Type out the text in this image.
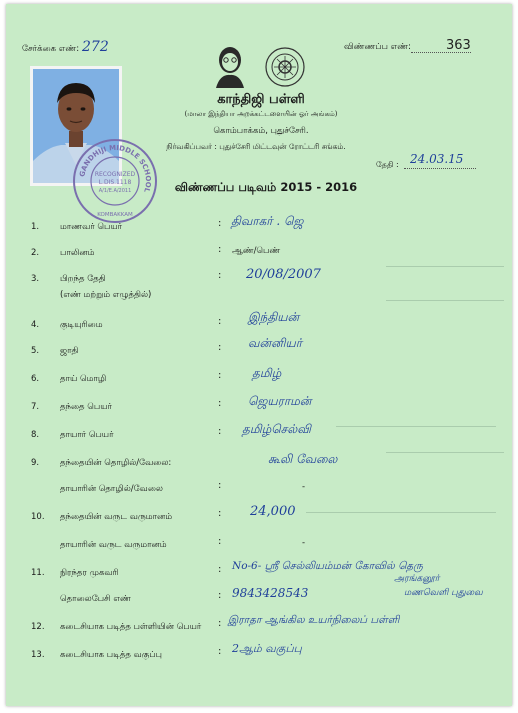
சேர்க்கை எண்: 272	விண்ணப்ப எண்:	363
காந்திஜி பள்ளி
(மாலா இந்தியா அறக்கட்டளையின் ஓர் அங்கம்)
கொம்பாக்கம், புதுச்சேரி.
நிர்வகிப்பவர் : புதுச்சேரி மிட்டவுன் ரோட்டரி சங்கம்.
தேதி : 24.03.15
விண்ணப்ப படிவம் 2015 - 2016
GANDHIJI MIDDLE SCHOOL
RECOGNIZED
L.DIS.1118
A/1/E.A/2011
KOMBAKKAM
1. மாணவர் பெயர்	: திவாகர் . ஜெ
2. பாலினம்	: ஆண்/பெண்
3. பிறந்த தேதி
(எண் மற்றும் எழுத்தில்)
: 20/08/2007
4. குடியுரிமை	: இந்தியன்
5. ஜாதி	: வன்னியர்
6. தாய் மொழி	:	தமிழ்
7. தந்தை பெயர்	: ஜெயராமன்
8. தாயார் பெயர்	: தமிழ்செல்வி
9. தந்தையின் தொழில்/வேலை:	கூலி வேலை
தாயாரின் தொழில்/வேலை	:	-
10. தந்தையின் வருட வருமானம்	: 24,000
தாயாரின் வருட வருமானம்	:	-
11. நிரந்தர முகவரி	: No-6- ஸ்ரீ செல்லியம்மன் கோவில் தெரு
அரங்கனூர்
தொலைபேசி எண்	: 9843428543	மணவெளி புதுவை
12. கடைசியாக படித்த பள்ளியின் பெயர் : இராதா ஆங்கில உயர்நிலைப் பள்ளி
13. கடைசியாக படித்த வகுப்பு	: 2ஆம் வகுப்பு
